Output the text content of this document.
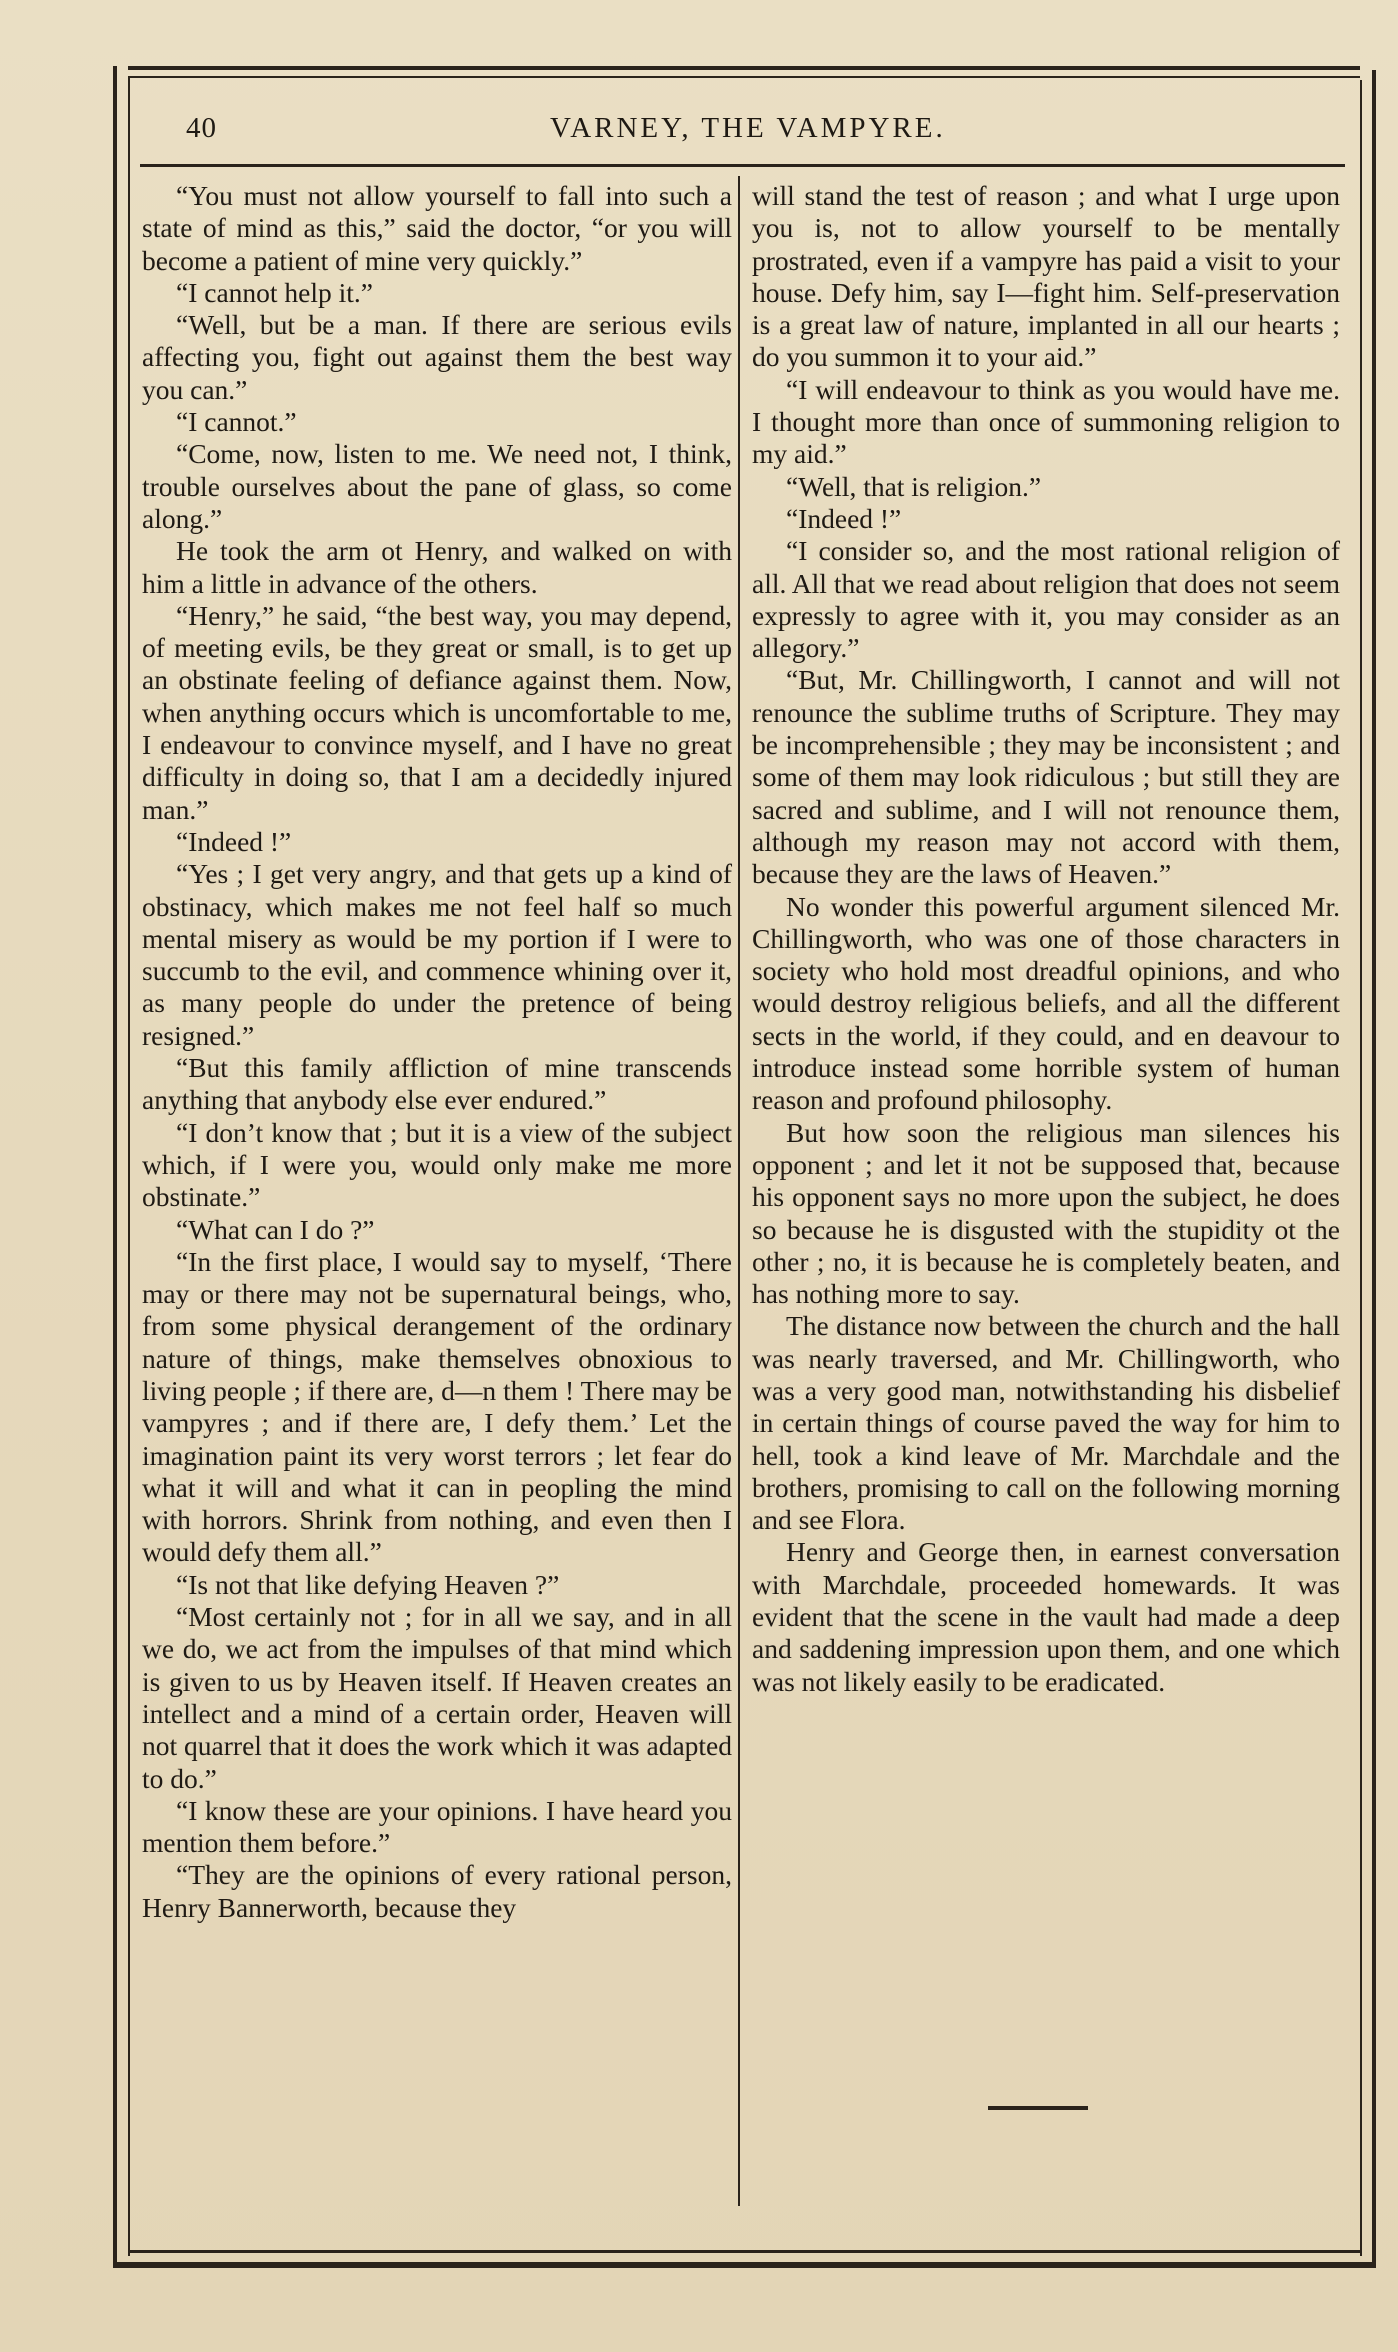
40	VARNEY, THE VAMPYRE.

“You must not allow yourself to fall into such a state of mind as this,” said the doctor, “or you will become a patient of mine very quickly.”

“I cannot help it.”

“Well, but be a man. If there are serious evils affecting you, fight out against them the best way you can.”

“I cannot.”

“Come, now, listen to me. We need not, I think, trouble ourselves about the pane of glass, so come along.”

He took the arm ot Henry, and walked on with him a little in advance of the others.

“Henry,” he said, “the best way, you may depend, of meeting evils, be they great or small, is to get up an obstinate feeling of defiance against them. Now, when anything occurs which is uncomfortable to me, I endeavour to convince myself, and I have no great difficulty in doing so, that I am a decidedly injured man.”

“Indeed !”

“Yes ; I get very angry, and that gets up a kind of obstinacy, which makes me not feel half so much mental misery as would be my portion if I were to succumb to the evil, and commence whining over it, as many people do under the pretence of being resigned.”

“But this family affliction of mine transcends anything that anybody else ever endured.”

“I don’t know that ; but it is a view of the subject which, if I were you, would only make me more obstinate.”

“What can I do ?”

“In the first place, I would say to myself, ‘There may or there may not be supernatural beings, who, from some physical derangement of the ordinary nature of things, make themselves obnoxious to living people ; if there are, d—n them ! There may be vampyres ; and if there are, I defy them.’ Let the imagination paint its very worst terrors ; let fear do what it will and what it can in peopling the mind with horrors. Shrink from nothing, and even then I would defy them all.”

“Is not that like defying Heaven ?”

“Most certainly not ; for in all we say, and in all we do, we act from the impulses of that mind which is given to us by Heaven itself. If Heaven creates an intellect and a mind of a certain order, Heaven will not quarrel that it does the work which it was adapted to do.”

“I know these are your opinions. I have heard you mention them before.”

“They are the opinions of every rational person, Henry Bannerworth, because they

will stand the test of reason ; and what I urge upon you is, not to allow yourself to be mentally prostrated, even if a vampyre has paid a visit to your house. Defy him, say I—fight him. Self-preservation is a great law of nature, implanted in all our hearts ; do you summon it to your aid.”

“I will endeavour to think as you would have me. I thought more than once of summoning religion to my aid.”

“Well, that is religion.”

“Indeed !”

“I consider so, and the most rational religion of all. All that we read about religion that does not seem expressly to agree with it, you may consider as an allegory.”

“But, Mr. Chillingworth, I cannot and will not renounce the sublime truths of Scripture. They may be incomprehensible ; they may be inconsistent ; and some of them may look ridiculous ; but still they are sacred and sublime, and I will not renounce them, although my reason may not accord with them, because they are the laws of Heaven.”

No wonder this powerful argument silenced Mr. Chillingworth, who was one of those characters in society who hold most dreadful opinions, and who would destroy religious beliefs, and all the different sects in the world, if they could, and en deavour to introduce instead some horrible system of human reason and profound philosophy.

But how soon the religious man silences his opponent ; and let it not be supposed that, because his opponent says no more upon the subject, he does so because he is disgusted with the stupidity ot the other ; no, it is because he is completely beaten, and has nothing more to say.

The distance now between the church and the hall was nearly traversed, and Mr. Chillingworth, who was a very good man, notwithstanding his disbelief in certain things of course paved the way for him to hell, took a kind leave of Mr. Marchdale and the brothers, promising to call on the following morning and see Flora.

Henry and George then, in earnest conversation with Marchdale, proceeded homewards. It was evident that the scene in the vault had made a deep and saddening impression upon them, and one which was not likely easily to be eradicated.
